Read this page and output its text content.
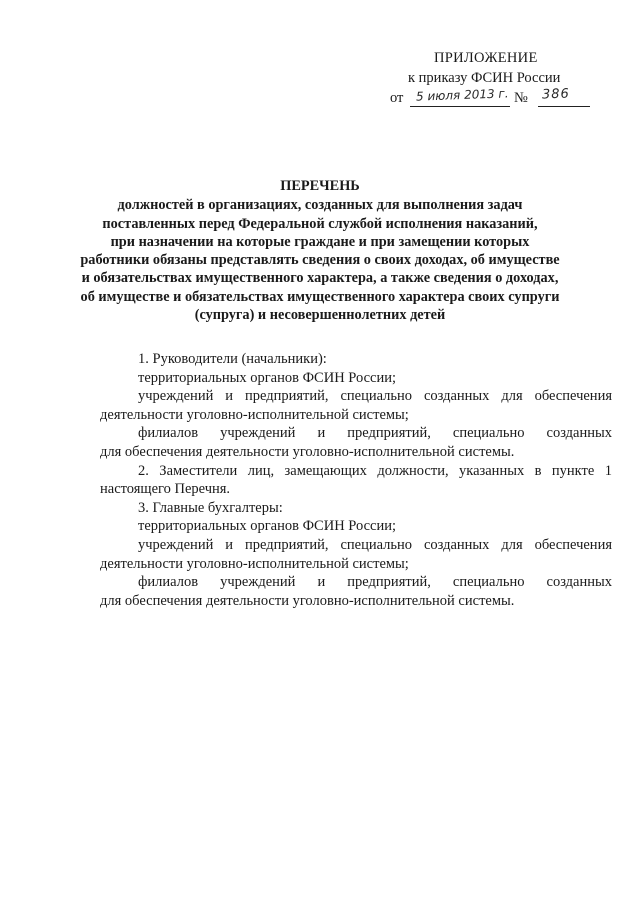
ПРИЛОЖЕНИЕ
к приказу ФСИН России
от 5 июля 2013 г. № 386
ПЕРЕЧЕНЬ
должностей в организациях, созданных для выполнения задач
поставленных перед Федеральной службой исполнения наказаний,
при назначении на которые граждане и при замещении которых
работники обязаны представлять сведения о своих доходах, об имуществе
и обязательствах имущественного характера, а также сведения о доходах,
об имуществе и обязательствах имущественного характера своих супруги
(супруга) и несовершеннолетних детей
1. Руководители (начальники):
территориальных органов ФСИН России;
учреждений и предприятий, специально созданных для обеспечения
деятельности уголовно-исполнительной системы;
филиалов учреждений и предприятий, специально созданных
для обеспечения деятельности уголовно-исполнительной системы.
2. Заместители лиц, замещающих должности, указанных в пункте 1
настоящего Перечня.
3. Главные бухгалтеры:
территориальных органов ФСИН России;
учреждений и предприятий, специально созданных для обеспечения
деятельности уголовно-исполнительной системы;
филиалов учреждений и предприятий, специально созданных
для обеспечения деятельности уголовно-исполнительной системы.
